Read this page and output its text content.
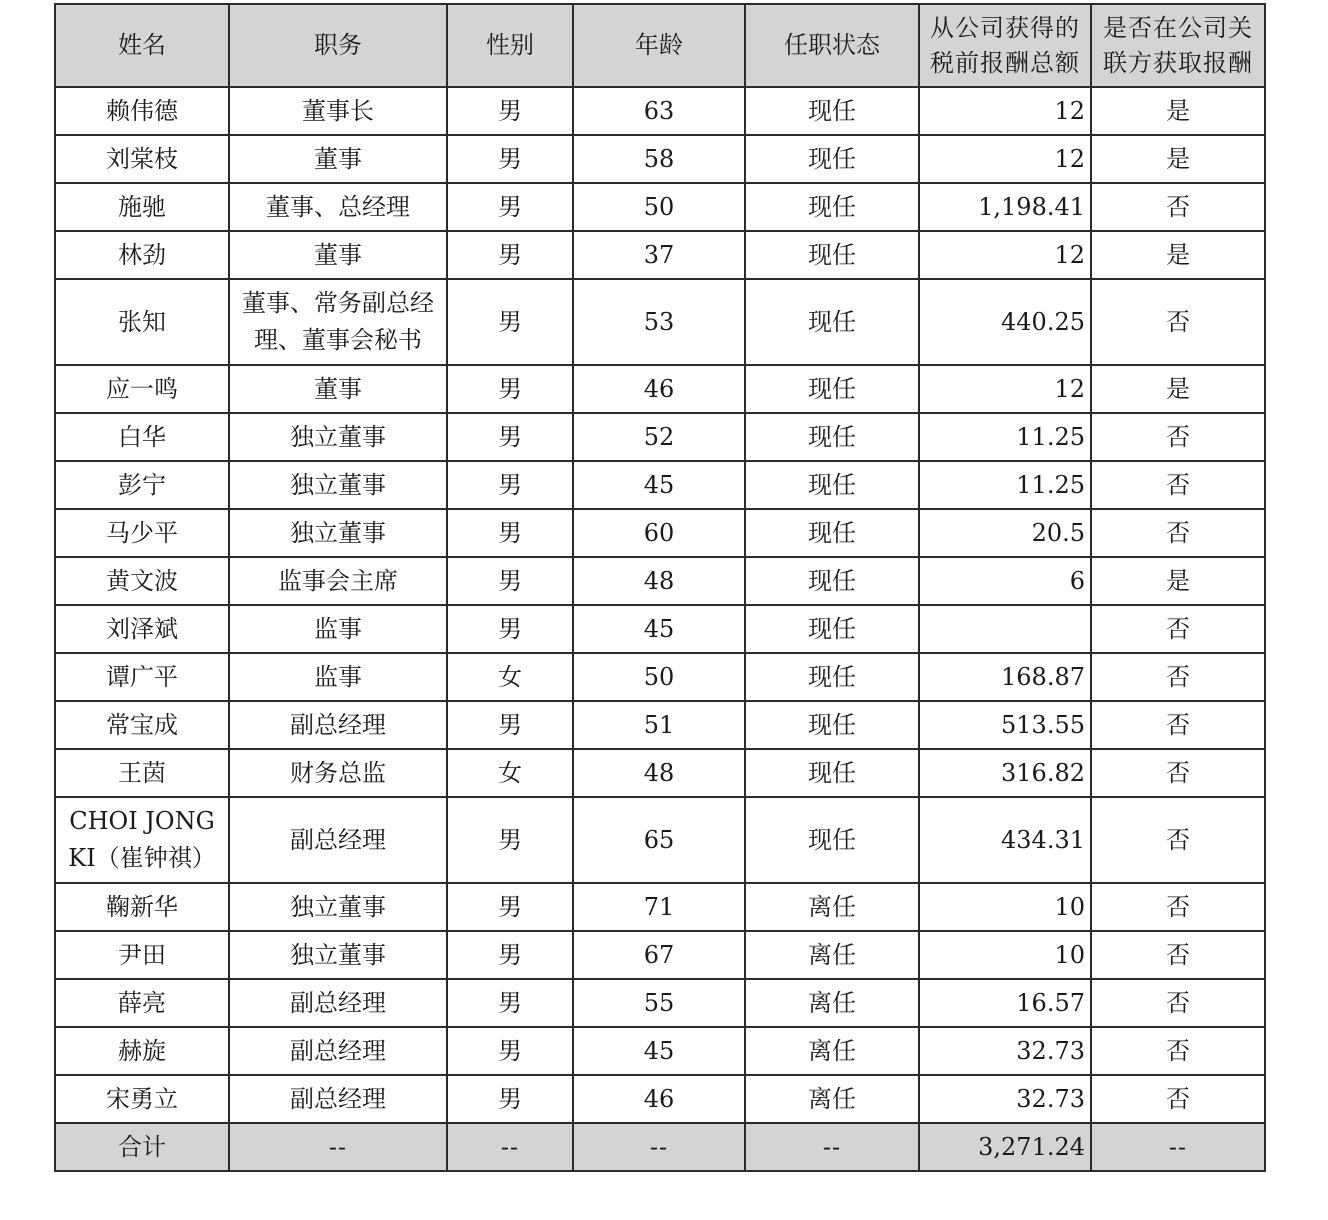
姓名	职务	性别	年龄	任职状态	从公司获得的税前报酬总额	是否在公司关联方获取报酬
赖伟德	董事长	男	63	现任	12	是
刘棠枝	董事	男	58	现任	12	是
施驰	董事、总经理	男	50	现任	1,198.41	否
林劲	董事	男	37	现任	12	是
张知	董事、常务副总经理、董事会秘书	男	53	现任	440.25	否
应一鸣	董事	男	46	现任	12	是
白华	独立董事	男	52	现任	11.25	否
彭宁	独立董事	男	45	现任	11.25	否
马少平	独立董事	男	60	现任	20.5	否
黄文波	监事会主席	男	48	现任	6	是
刘泽斌	监事	男	45	现任		否
谭广平	监事	女	50	现任	168.87	否
常宝成	副总经理	男	51	现任	513.55	否
王茵	财务总监	女	48	现任	316.82	否
CHOI JONG KI（崔钟祺）	副总经理	男	65	现任	434.31	否
鞠新华	独立董事	男	71	离任	10	否
尹田	独立董事	男	67	离任	10	否
薛亮	副总经理	男	55	离任	16.57	否
赫旋	副总经理	男	45	离任	32.73	否
宋勇立	副总经理	男	46	离任	32.73	否
合计	--	--	--	--	3,271.24	--
